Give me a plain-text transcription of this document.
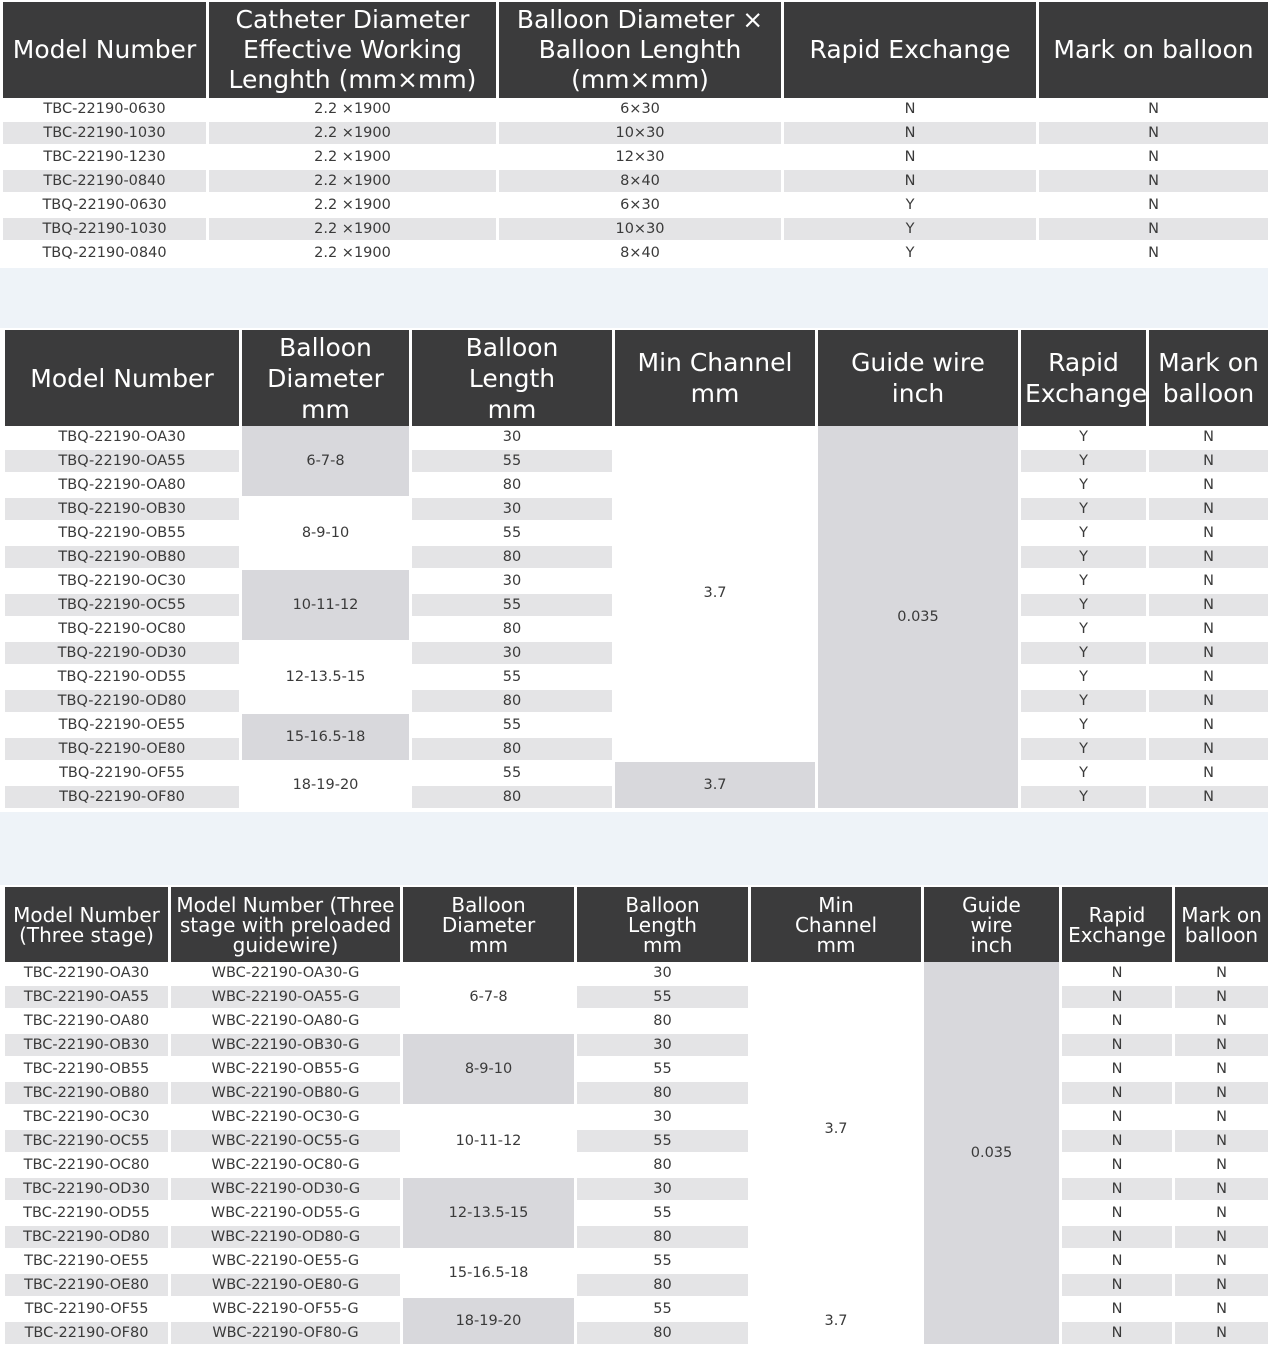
Model Number	Catheter Diameter
Effective Working
Lenghth (mm×mm)	Balloon Diameter ×
Balloon Lenghth
(mm×mm)	Rapid Exchange	Mark on balloon
TBC-22190-0630	2.2 ×1900	6×30	N	N
TBC-22190-1030	2.2 ×1900	10×30	N	N
TBC-22190-1230	2.2 ×1900	12×30	N	N
TBC-22190-0840	2.2 ×1900	8×40	N	N
TBQ-22190-0630	2.2 ×1900	6×30	Y	N
TBQ-22190-1030	2.2 ×1900	10×30	Y	N
TBQ-22190-0840	2.2 ×1900	8×40	Y	N
Model Number	Balloon
Diameter
mm	Balloon
Length
mm	Min Channel
mm	Guide wire
inch	Rapid
Exchange	Mark on
balloon
TBQ-22190-OA30	6-7-8	30	3.7	0.035	Y	N
TBQ-22190-OA55		55			Y	N
TBQ-22190-OA80		80			Y	N
TBQ-22190-OB30	8-9-10	30			Y	N
TBQ-22190-OB55		55			Y	N
TBQ-22190-OB80		80			Y	N
TBQ-22190-OC30	10-11-12	30			Y	N
TBQ-22190-OC55		55			Y	N
TBQ-22190-OC80		80			Y	N
TBQ-22190-OD30	12-13.5-15	30			Y	N
TBQ-22190-OD55		55			Y	N
TBQ-22190-OD80		80			Y	N
TBQ-22190-OE55	15-16.5-18	55			Y	N
TBQ-22190-OE80		80			Y	N
TBQ-22190-OF55	18-19-20	55	3.7		Y	N
TBQ-22190-OF80		80			Y	N
Model Number
(Three stage)	Model Number (Three
stage with preloaded
guidewire)	Balloon
Diameter
mm	Balloon
Length
mm	Min
Channel
mm	Guide
wire
inch	Rapid
Exchange	Mark on
balloon
TBC-22190-OA30	WBC-22190-OA30-G	6-7-8	30	3.7	0.035	N	N
TBC-22190-OA55	WBC-22190-OA55-G		55			N	N
TBC-22190-OA80	WBC-22190-OA80-G		80			N	N
TBC-22190-OB30	WBC-22190-OB30-G	8-9-10	30			N	N
TBC-22190-OB55	WBC-22190-OB55-G		55			N	N
TBC-22190-OB80	WBC-22190-OB80-G		80			N	N
TBC-22190-OC30	WBC-22190-OC30-G	10-11-12	30			N	N
TBC-22190-OC55	WBC-22190-OC55-G		55			N	N
TBC-22190-OC80	WBC-22190-OC80-G		80			N	N
TBC-22190-OD30	WBC-22190-OD30-G	12-13.5-15	30			N	N
TBC-22190-OD55	WBC-22190-OD55-G		55			N	N
TBC-22190-OD80	WBC-22190-OD80-G		80			N	N
TBC-22190-OE55	WBC-22190-OE55-G	15-16.5-18	55			N	N
TBC-22190-OE80	WBC-22190-OE80-G		80			N	N
TBC-22190-OF55	WBC-22190-OF55-G	18-19-20	55	3.7		N	N
TBC-22190-OF80	WBC-22190-OF80-G		80			N	N
